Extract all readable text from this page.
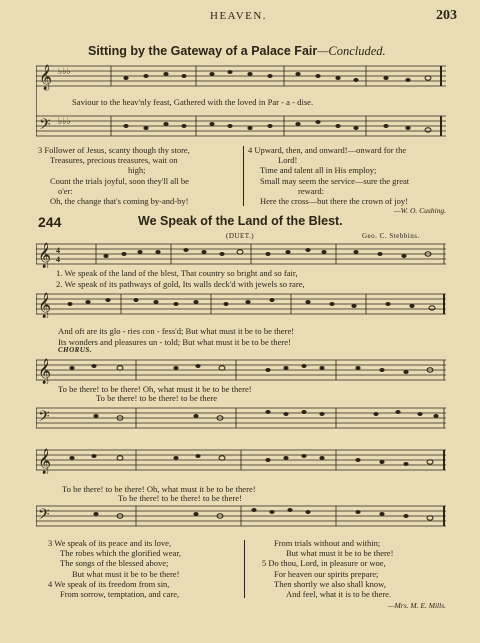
HEAVEN.	203
Sitting by the Gateway of a Palace Fair—Concluded.
𝄞
𝄢
♭♭♭
♭♭♭
Saviour to the heav'nly feast, Gathered with the loved in Par - a - dise.

3 Follower of Jesus, scanty though thy store,

Treasures, precious treasures, wait on

high;

Count the trials joyful, soon they'll all be

o'er:

Oh, the change that's coming by-and-by!

4 Upward, then, and onward!—onward for the

Lord!

Time and talent all in His employ;

Small may seem the service—sure the great

reward:

Here the cross—but there the crown of joy!

—W. O. Cushing.
244	We Speak of the Land of the Blest.
(DUET.)	Geo. C. Stebbins.
𝄞 4
4
1. We speak of the land of the blest, That country so bright and so fair,
2. We speak of its pathways of gold, Its walls deck'd with jewels so rare,
𝄞
And oft are its glo - ries con - fess'd; But what must it be to be there!
Its wonders and pleasures un - told; But what must it be to be there!
CHORUS.
𝄞
To be there! to be there! Oh, what must it be to be there!
To be there! to be there! to be there
𝄢
𝄞
To be there! to be there! Oh, what must it be to be there!
To be there! to be there! to be there!
𝄢

3 We speak of its peace and its love,

The robes which the glorified wear,

The songs of the blessed above;

But what must it be to be there!

4 We speak of its freedom from sin,

From sorrow, temptation, and care,

From trials without and within;

But what must it be to be there!

5 Do thou, Lord, in pleasure or woe,

For heaven our spirits prepare;

Then shortly we also shall know,

And feel, what it is to be there.

—Mrs. M. E. Mills.
